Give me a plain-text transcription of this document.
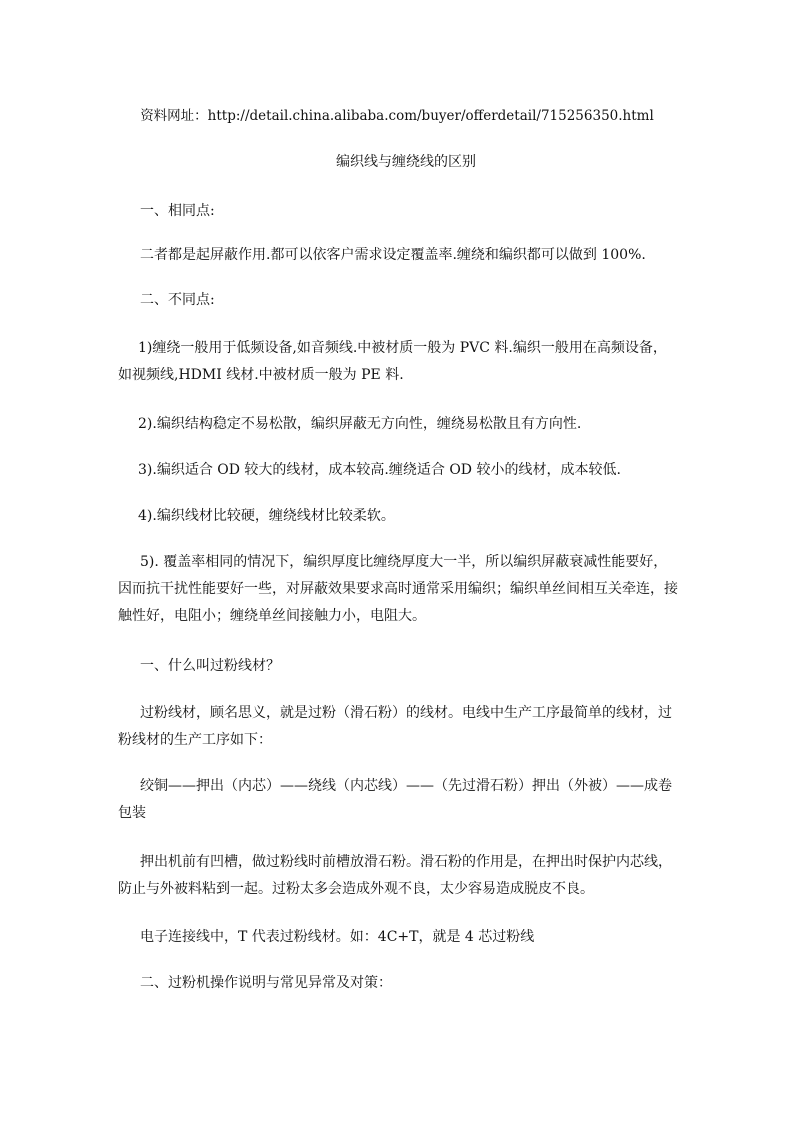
资料网址：http://detail.china.alibaba.com/buyer/offerdetail/715256350.html
编织线与缠绕线的区别

一、相同点:

二者都是起屏蔽作用.都可以依客户需求设定覆盖率.缠绕和编织都可以做到 100%.

二、不同点:

1)缠绕一般用于低频设备,如音频线.中被材质一般为 PVC 料.编织一般用在高频设备，如视频线,HDMI 线材.中被材质一般为 PE 料.

2).编织结构稳定不易松散，编织屏蔽无方向性，缠绕易松散且有方向性.

3).编织适合 OD 较大的线材，成本较高.缠绕适合 OD 较小的线材，成本较低.

4).编织线材比较硬，缠绕线材比较柔软。

5). 覆盖率相同的情况下，编织厚度比缠绕厚度大一半，所以编织屏蔽衰减性能要好，因而抗干扰性能要好一些，对屏蔽效果要求高时通常采用编织；编织单丝间相互关牵连，接触性好，电阻小；缠绕单丝间接触力小，电阻大。

一、什么叫过粉线材？

过粉线材，顾名思义，就是过粉（滑石粉）的线材。电线中生产工序最简单的线材，过粉线材的生产工序如下：

绞铜——押出（内芯）——绕线（内芯线）——（先过滑石粉）押出（外被）——成卷包装

押出机前有凹槽，做过粉线时前槽放滑石粉。滑石粉的作用是，在押出时保护内芯线，防止与外被料粘到一起。过粉太多会造成外观不良，太少容易造成脱皮不良。

电子连接线中，T 代表过粉线材。如：4C+T，就是 4 芯过粉线

二、过粉机操作说明与常见异常及对策：
